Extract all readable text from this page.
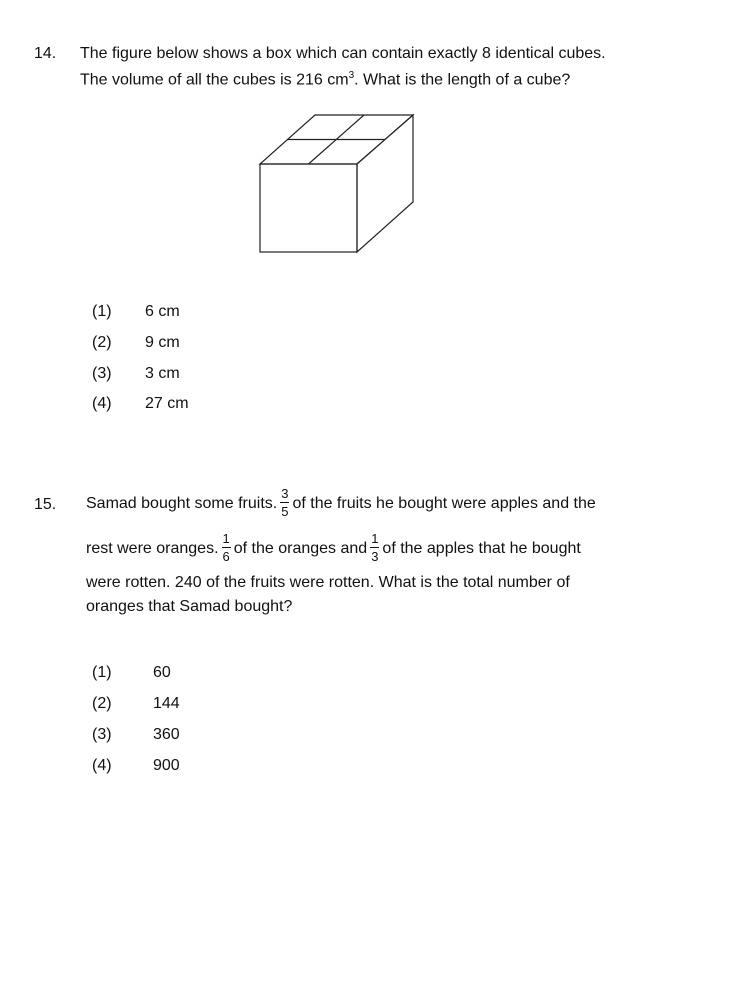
14. The figure below shows a box which can contain exactly 8 identical cubes.
The volume of all the cubes is 216 $cm^3$. What is the length of a cube?
(1) 6 cm
(2) 9 cm
(3) 3 cm
(4) 27 cm
15. Samad bought some fruits. $\frac{3}{5}$ of the fruits he bought were apples and the
rest were oranges. $\frac{1}{6}$ of the oranges and $\frac{1}{3}$ of the apples that he bought
were rotten. 240 of the fruits were rotten. What is the total number of
oranges that Samad bought?
(1)	60
(2)	144
(3)	360
(4)	900
